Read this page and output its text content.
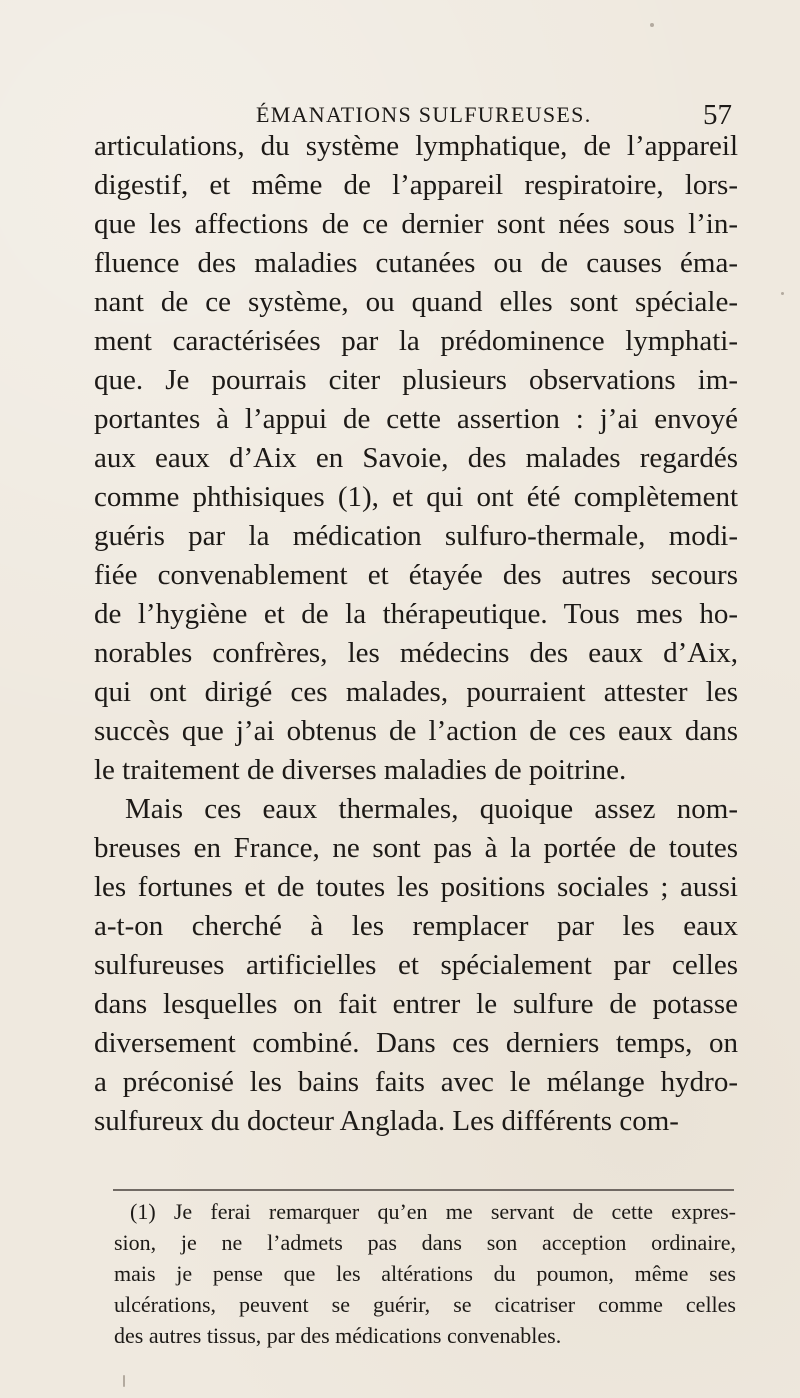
ÉMANATIONS SULFUREUSES.	57
articulations, du système lymphatique, de l’appareil
digestif, et même de l’appareil respiratoire, lors-
que les affections de ce dernier sont nées sous l’in-
fluence des maladies cutanées ou de causes éma-
nant de ce système, ou quand elles sont spéciale-
ment caractérisées par la prédominence lymphati-
que. Je pourrais citer plusieurs observations im-
portantes à l’appui de cette assertion : j’ai envoyé
aux eaux d’Aix en Savoie, des malades regardés
comme phthisiques (1), et qui ont été complètement
guéris par la médication sulfuro-thermale, modi-
fiée convenablement et étayée des autres secours
de l’hygiène et de la thérapeutique. Tous mes ho-
norables confrères, les médecins des eaux d’Aix,
qui ont dirigé ces malades, pourraient attester les
succès que j’ai obtenus de l’action de ces eaux dans
le traitement de diverses maladies de poitrine.
Mais ces eaux thermales, quoique assez nom-
breuses en France, ne sont pas à la portée de toutes
les fortunes et de toutes les positions sociales ; aussi
a-t-on cherché à les remplacer par les eaux
sulfureuses artificielles et spécialement par celles
dans lesquelles on fait entrer le sulfure de potasse
diversement combiné. Dans ces derniers temps, on
a préconisé les bains faits avec le mélange hydro-
sulfureux du docteur Anglada. Les différents com-
(1) Je ferai remarquer qu’en me servant de cette expres-
sion, je ne l’admets pas dans son acception ordinaire,
mais je pense que les altérations du poumon, même ses
ulcérations, peuvent se guérir, se cicatriser comme celles
des autres tissus, par des médications convenables.
